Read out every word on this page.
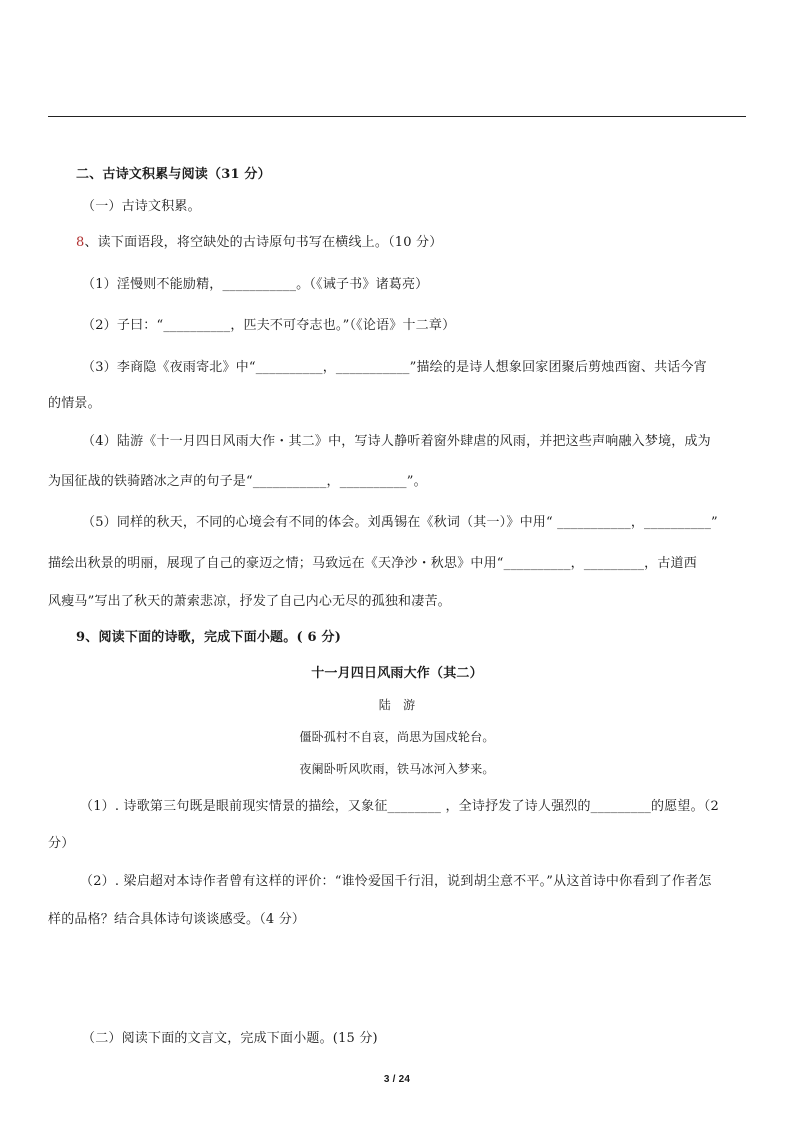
二、古诗文积累与阅读（31 分）
（一）古诗文积累。
8、读下面语段，将空缺处的古诗原句书写在横线上。（10 分）
（1）淫慢则不能励精，___________。（《诫子书》诸葛亮）
（2）子曰：“__________，匹夫不可夺志也。”（《论语》十二章）
（3）李商隐《夜雨寄北》中“__________，___________”描绘的是诗人想象回家团聚后剪烛西窗、共话今宵
的情景。
（4）陆游《十一月四日风雨大作・其二》中，写诗人静听着窗外肆虐的风雨，并把这些声响融入梦境，成为
为国征战的铁骑踏冰之声的句子是“___________，__________”。
（5）同样的秋天，不同的心境会有不同的体会。刘禹锡在《秋词（其一）》中用“ ___________，__________”
描绘出秋景的明丽，展现了自己的豪迈之情；马致远在《天净沙・秋思》中用“__________，_________，古道西
风瘦马”写出了秋天的萧索悲凉，抒发了自己内心无尽的孤独和凄苦。
9、阅读下面的诗歌，完成下面小题。( 6 分)
十一月四日风雨大作（其二）
陆　游
僵卧孤村不自哀，尚思为国戍轮台。
夜阑卧听风吹雨，铁马冰河入梦来。
（1）. 诗歌第三句既是眼前现实情景的描绘，又象征________ ，全诗抒发了诗人强烈的_________的愿望。（2
分）
（2）. 梁启超对本诗作者曾有这样的评价：“谁怜爱国千行泪，说到胡尘意不平。”从这首诗中你看到了作者怎
样的品格？结合具体诗句谈谈感受。（4 分）
（二）阅读下面的文言文，完成下面小题。(15 分)
3 / 24
